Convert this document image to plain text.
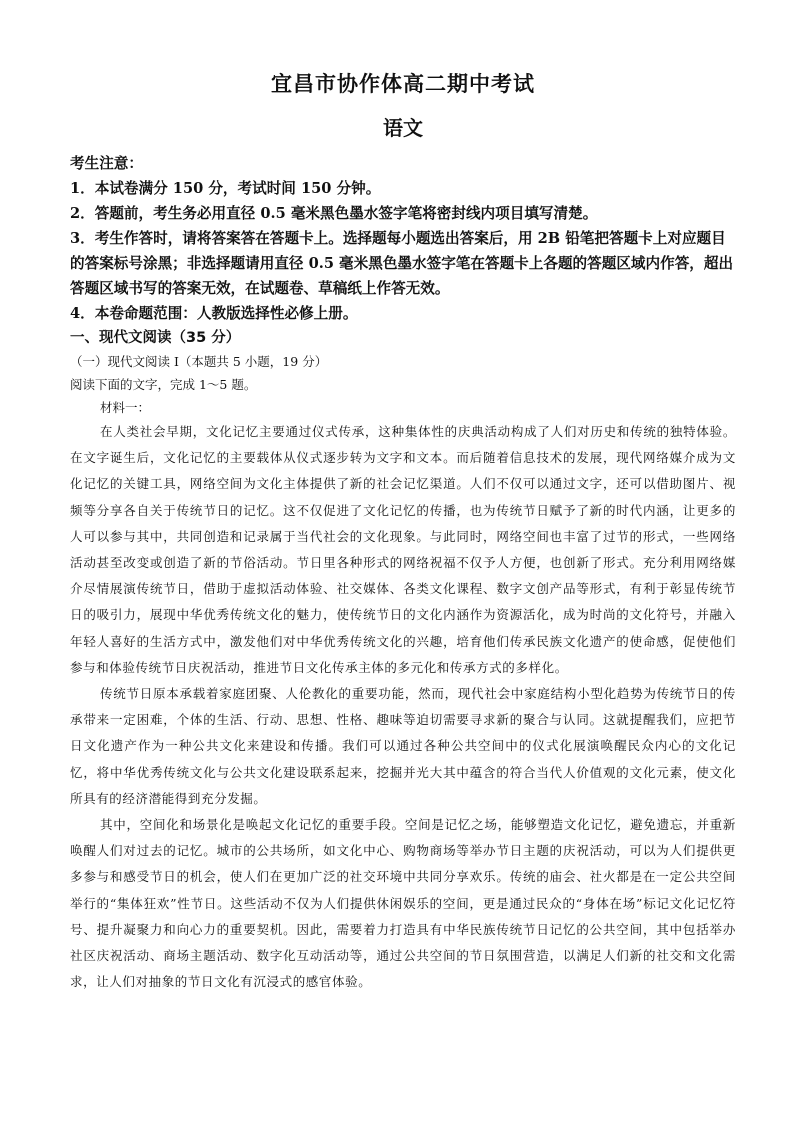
宜昌市协作体高二期中考试
语文

考生注意：

1．本试卷满分 150 分，考试时间 150 分钟。

2．答题前，考生务必用直径 0.5 毫米黑色墨水签字笔将密封线内项目填写清楚。

3．考生作答时，请将答案答在答题卡上。选择题每小题选出答案后，用 2B 铅笔把答题卡上对应题目的答案标号涂黑；非选择题请用直径 0.5 毫米黑色墨水签字笔在答题卡上各题的答题区域内作答，超出答题区域书写的答案无效，在试题卷、草稿纸上作答无效。

4．本卷命题范围：人教版选择性必修上册。

一、现代文阅读（35 分）
（一）现代文阅读 I（本题共 5 小题，19 分）
阅读下面的文字，完成 1～5 题。
材料一：

在人类社会早期，文化记忆主要通过仪式传承，这种集体性的庆典活动构成了人们对历史和传统的独特体验。在文字诞生后，文化记忆的主要载体从仪式逐步转为文字和文本。而后随着信息技术的发展，现代网络媒介成为文化记忆的关键工具，网络空间为文化主体提供了新的社会记忆渠道。人们不仅可以通过文字，还可以借助图片、视频等分享各自关于传统节日的记忆。这不仅促进了文化记忆的传播，也为传统节日赋予了新的时代内涵，让更多的人可以参与其中，共同创造和记录属于当代社会的文化现象。与此同时，网络空间也丰富了过节的形式，一些网络活动甚至改变或创造了新的节俗活动。节日里各种形式的网络祝福不仅予人方便，也创新了形式。充分利用网络媒介尽情展演传统节日，借助于虚拟活动体验、社交媒体、各类文化课程、数字文创产品等形式，有利于彰显传统节日的吸引力，展现中华优秀传统文化的魅力，使传统节日的文化内涵作为资源活化，成为时尚的文化符号，并融入年轻人喜好的生活方式中，激发他们对中华优秀传统文化的兴趣，培育他们传承民族文化遗产的使命感，促使他们参与和体验传统节日庆祝活动，推进节日文化传承主体的多元化和传承方式的多样化。

传统节日原本承载着家庭团聚、人伦教化的重要功能，然而，现代社会中家庭结构小型化趋势为传统节日的传承带来一定困难，个体的生活、行动、思想、性格、趣味等迫切需要寻求新的聚合与认同。这就提醒我们，应把节日文化遗产作为一种公共文化来建设和传播。我们可以通过各种公共空间中的仪式化展演唤醒民众内心的文化记忆，将中华优秀传统文化与公共文化建设联系起来，挖掘并光大其中蕴含的符合当代人价值观的文化元素，使文化所具有的经济潜能得到充分发掘。

其中，空间化和场景化是唤起文化记忆的重要手段。空间是记忆之场，能够塑造文化记忆，避免遗忘，并重新唤醒人们对过去的记忆。城市的公共场所，如文化中心、购物商场等举办节日主题的庆祝活动，可以为人们提供更多参与和感受节日的机会，使人们在更加广泛的社交环境中共同分享欢乐。传统的庙会、社火都是在一定公共空间举行的“集体狂欢”性节日。这些活动不仅为人们提供休闲娱乐的空间，更是通过民众的“身体在场”标记文化记忆符号、提升凝聚力和向心力的重要契机。因此，需要着力打造具有中华民族传统节日记忆的公共空间，其中包括举办社区庆祝活动、商场主题活动、数字化互动活动等，通过公共空间的节日氛围营造，以满足人们新的社交和文化需求，让人们对抽象的节日文化有沉浸式的感官体验。
